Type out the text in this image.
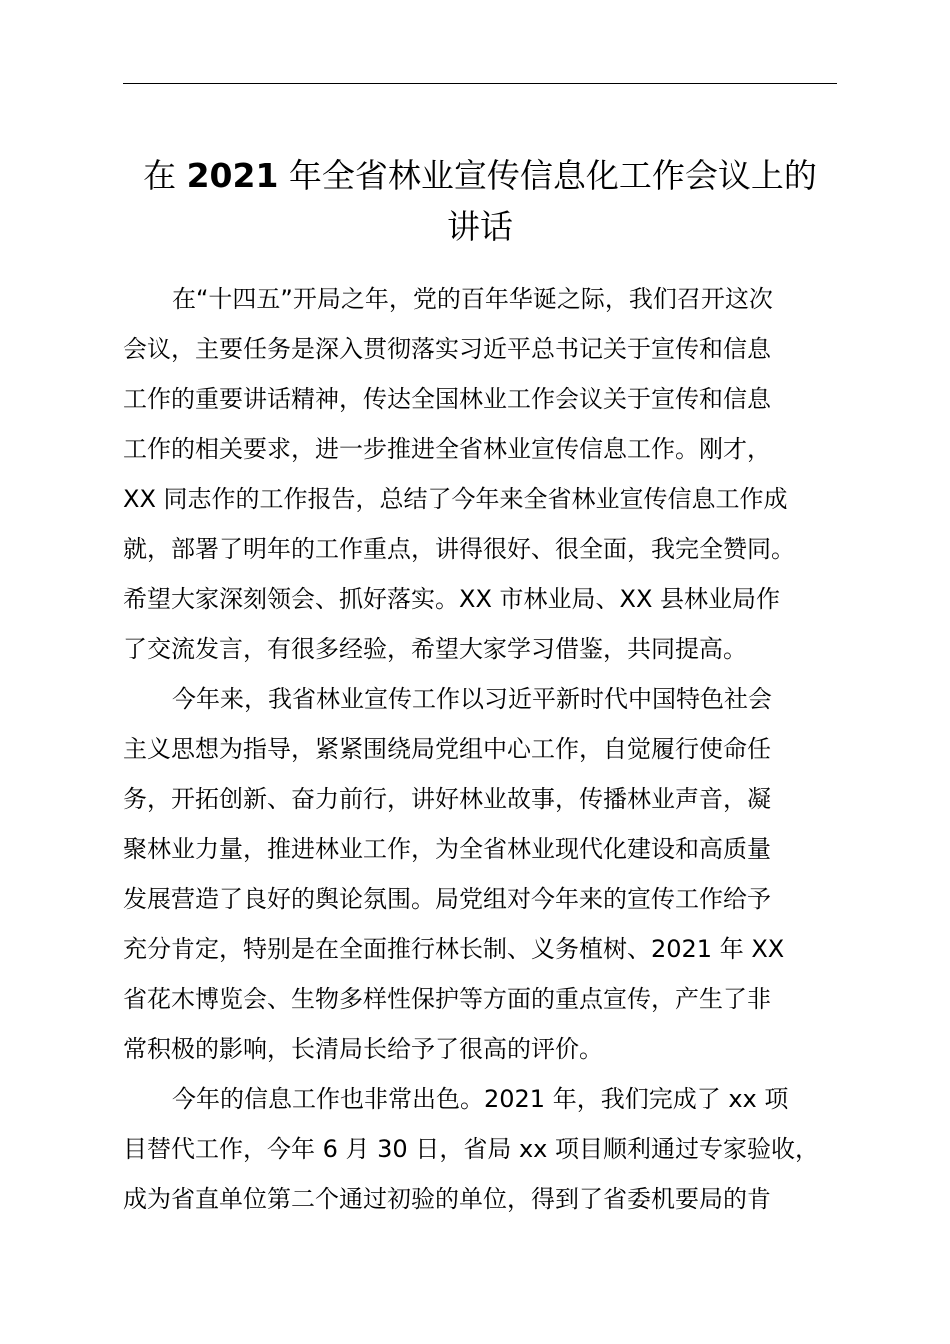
在 2021 年全省林业宣传信息化工作会议上的
讲话
在“十四五”开局之年，党的百年华诞之际，我们召开这次
会议，主要任务是深入贯彻落实习近平总书记关于宣传和信息
工作的重要讲话精神，传达全国林业工作会议关于宣传和信息
工作的相关要求，进一步推进全省林业宣传信息工作。刚才，
XX 同志作的工作报告，总结了今年来全省林业宣传信息工作成
就，部署了明年的工作重点，讲得很好、很全面，我完全赞同。
希望大家深刻领会、抓好落实。XX 市林业局、XX 县林业局作
了交流发言，有很多经验，希望大家学习借鉴，共同提高。
今年来，我省林业宣传工作以习近平新时代中国特色社会
主义思想为指导，紧紧围绕局党组中心工作，自觉履行使命任
务，开拓创新、奋力前行，讲好林业故事，传播林业声音，凝
聚林业力量，推进林业工作，为全省林业现代化建设和高质量
发展营造了良好的舆论氛围。局党组对今年来的宣传工作给予
充分肯定，特别是在全面推行林长制、义务植树、2021 年 XX
省花木博览会、生物多样性保护等方面的重点宣传，产生了非
常积极的影响，长清局长给予了很高的评价。
今年的信息工作也非常出色。2021 年，我们完成了 xx 项
目替代工作，今年 6 月 30 日，省局 xx 项目顺利通过专家验收，
成为省直单位第二个通过初验的单位，得到了省委机要局的肯
